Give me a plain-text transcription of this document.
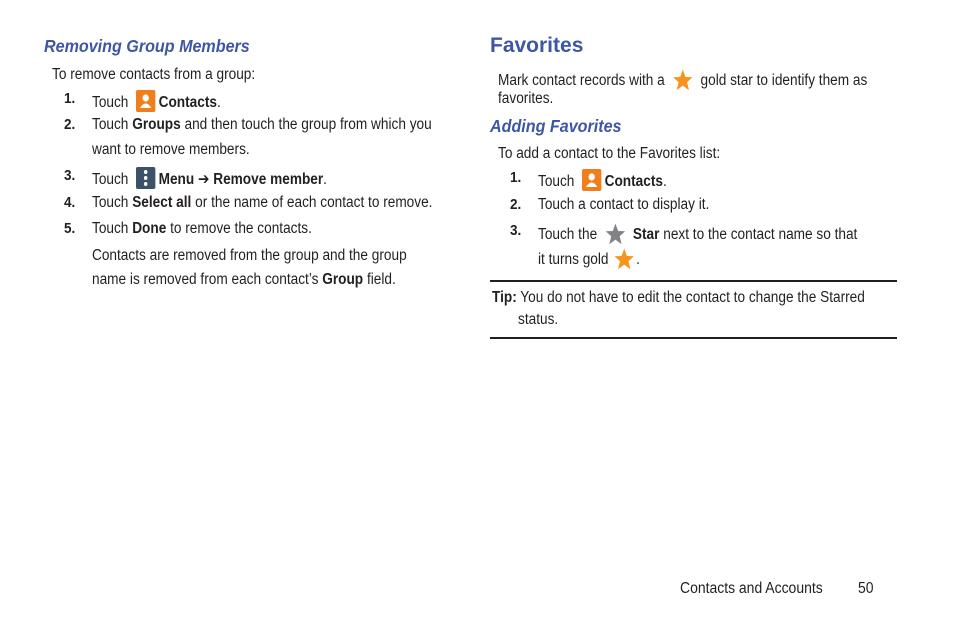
Removing Group Members
To remove contacts from a group:
1. Touch Contacts.
2. Touch Groups and then touch the group from which you
want to remove members.
3. Touch Menu ➔ Remove member.
4. Touch Select all or the name of each contact to remove.
5. Touch Done to remove the contacts.
Contacts are removed from the group and the group
name is removed from each contact’s Group field.
Favorites
Mark contact records with a gold star to identify them as
favorites.
Adding Favorites
To add a contact to the Favorites list:
1. Touch Contacts.
2. Touch a contact to display it.
3. Touch the Star next to the contact name so that
it turns gold .
Tip: You do not have to edit the contact to change the Starred
status.
Contacts and Accounts 50
